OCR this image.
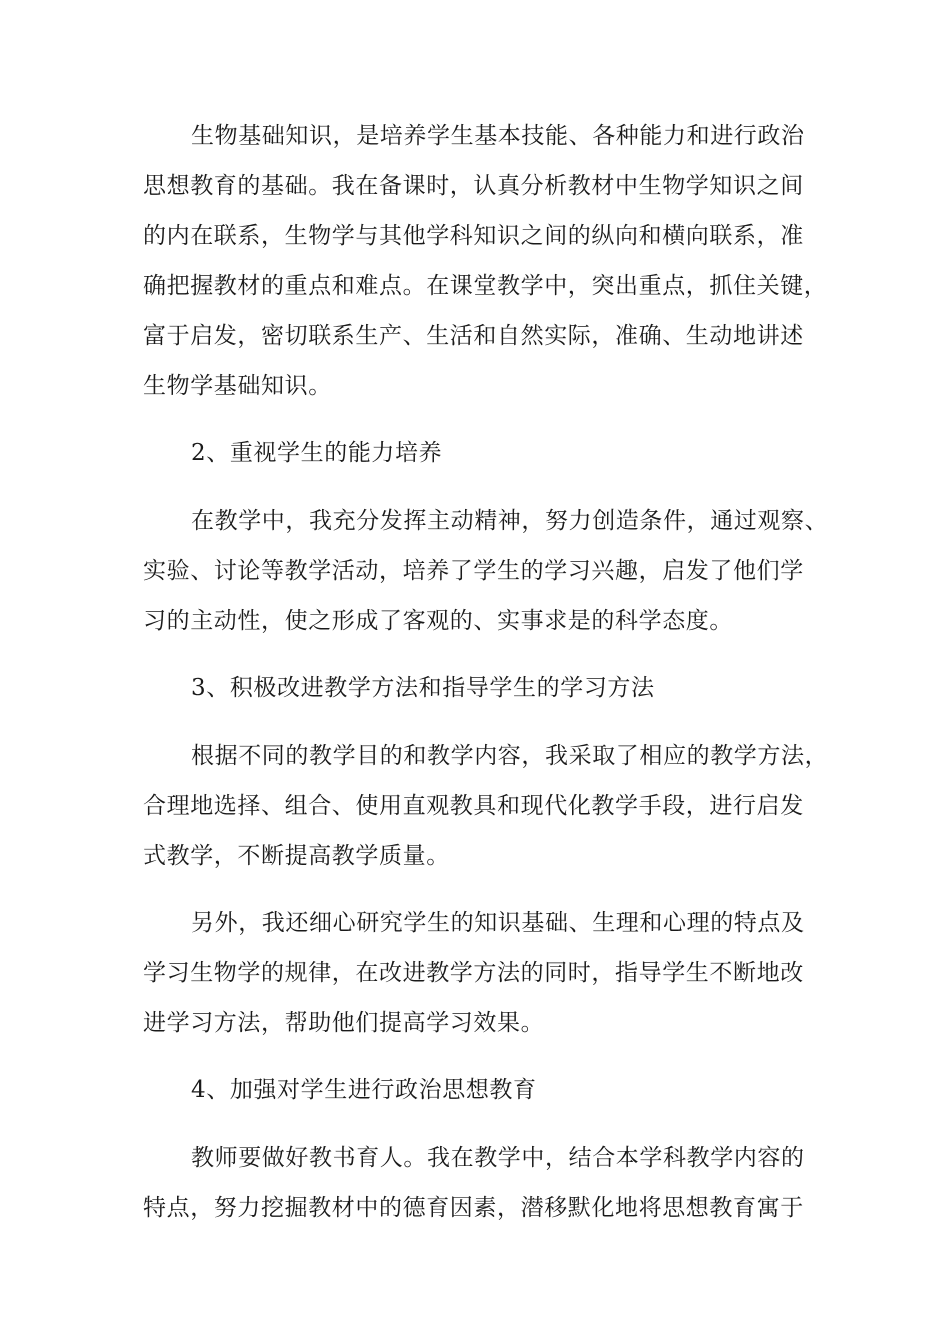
生物基础知识，是培养学生基本技能、各种能力和进行政治
思想教育的基础。我在备课时，认真分析教材中生物学知识之间
的内在联系，生物学与其他学科知识之间的纵向和横向联系，准
确把握教材的重点和难点。在课堂教学中，突出重点，抓住关键，
富于启发，密切联系生产、生活和自然实际，准确、生动地讲述
生物学基础知识。
2、重视学生的能力培养
在教学中，我充分发挥主动精神，努力创造条件，通过观察、
实验、讨论等教学活动，培养了学生的学习兴趣，启发了他们学
习的主动性，使之形成了客观的、实事求是的科学态度。
3、积极改进教学方法和指导学生的学习方法
根据不同的教学目的和教学内容，我采取了相应的教学方法，
合理地选择、组合、使用直观教具和现代化教学手段，进行启发
式教学，不断提高教学质量。
另外，我还细心研究学生的知识基础、生理和心理的特点及
学习生物学的规律，在改进教学方法的同时，指导学生不断地改
进学习方法，帮助他们提高学习效果。
4、加强对学生进行政治思想教育
教师要做好教书育人。我在教学中，结合本学科教学内容的
特点，努力挖掘教材中的德育因素，潜移默化地将思想教育寓于
